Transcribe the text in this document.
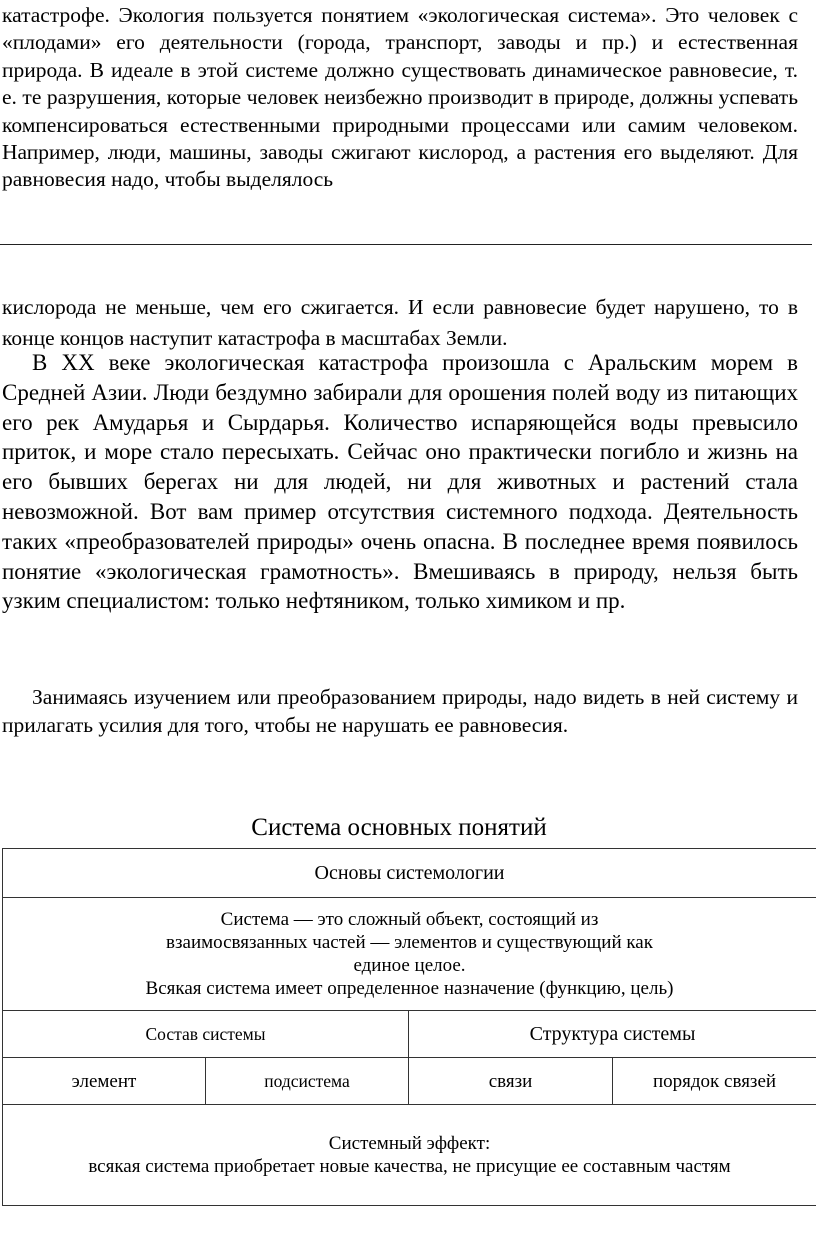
катастрофе. Экология пользуется понятием «экологическая система». Это человек с «плодами» его деятельности (города, транспорт, заводы и пр.) и естественная природа. В идеале в этой системе должно существовать динамическое равновесие, т. е. те разрушения, которые человек неизбежно производит в природе, должны успевать компенсироваться естественными природными процессами или самим человеком. Например, люди, машины, заводы сжигают кислород, а растения его выделяют. Для равновесия надо, чтобы выделялось

кислорода не меньше, чем его сжигается. И если равновесие будет нарушено, то в конце концов наступит катастрофа в масштабах Земли.

В XX веке экологическая катастрофа произошла с Аральским морем в Средней Азии. Люди бездумно забирали для орошения полей воду из питающих его рек Амударья и Сырдарья. Количество испаряющейся воды превысило приток, и море стало пересыхать. Сейчас оно практически погибло и жизнь на его бывших берегах ни для людей, ни для животных и растений стала невозможной. Вот вам пример отсутствия системного подхода. Деятельность таких «преобразователей природы» очень опасна. В последнее время появилось понятие «экологическая грамотность». Вмешиваясь в природу, нельзя быть узким специалистом: только нефтяником, только химиком и пр.

Занимаясь изучением или преобразованием природы, надо видеть в ней систему и прилагать усилия для того, чтобы не нарушать ее равновесия.

Система основных понятий
Основы системологии			

Система — это сложный объект, состоящий из
взаимосвязанных частей — элементов и существующий как
единое целое.
Всякая система имеет определенное назначение (функцию, цель)			

Состав системы		Структура системы	
элемент	подсистема	связи	порядок связей

Системный эффект:
всякая система приобретает новые качества, не присущие ее составным частям			
